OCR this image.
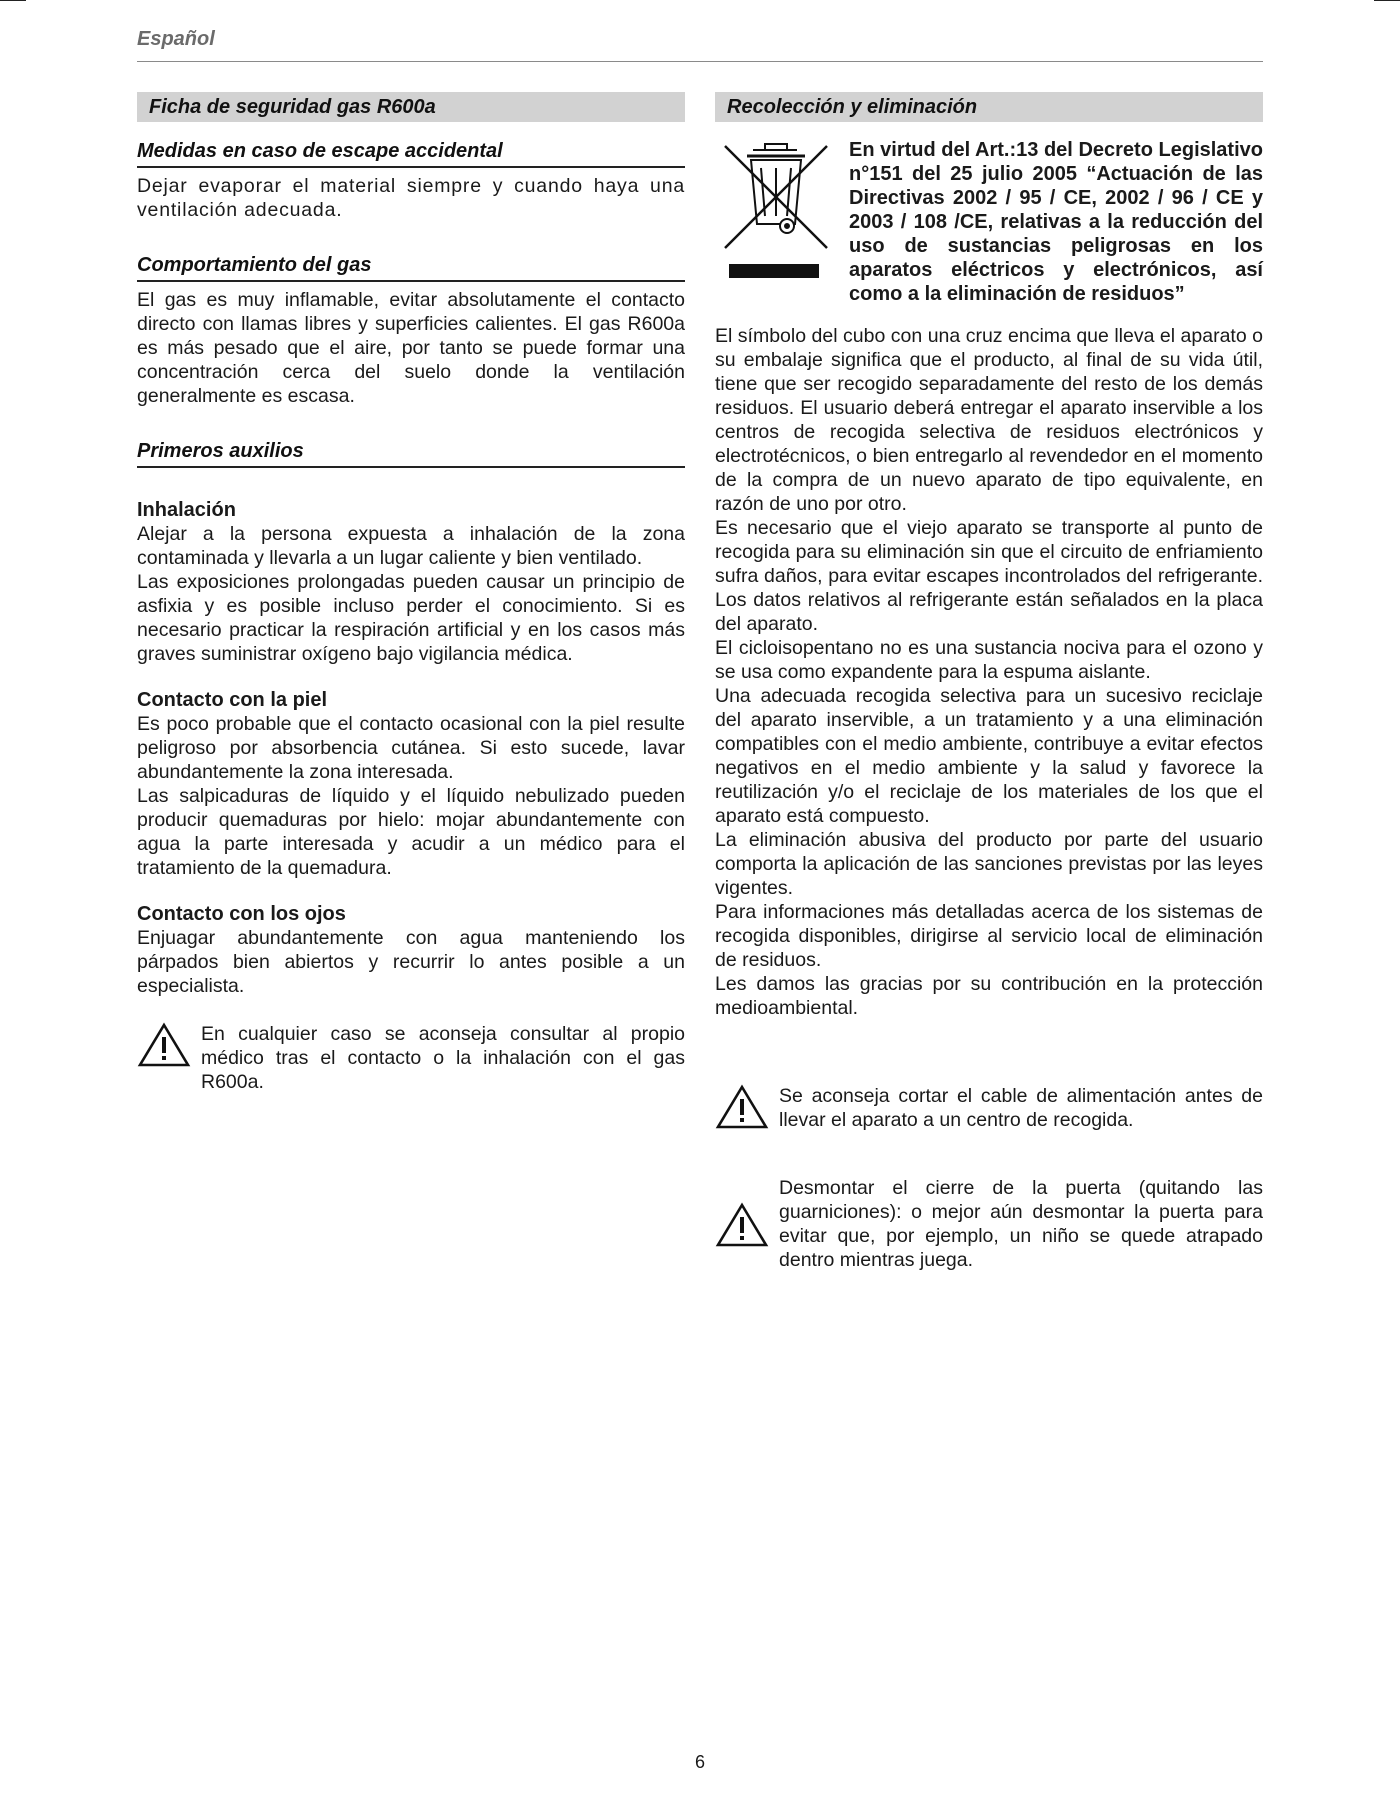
Español
Ficha de seguridad gas R600a
Medidas en caso de escape accidental

Dejar evaporar el material siempre y cuando haya una ventilación adecuada.

Comportamiento del gas

El gas es muy inflamable, evitar absolutamente el contacto directo con llamas libres y superficies calientes. El gas R600a es más pesado que el aire, por tanto se puede formar una concentración cerca del suelo donde la ventilación generalmente es escasa.

Primeros auxilios
Inhalación

Alejar a la persona expuesta a inhalación de la zona contaminada y llevarla a un lugar caliente y bien ventilado.

Las exposiciones prolongadas pueden causar un principio de asfixia y es posible incluso perder el conocimiento. Si es necesario practicar la respiración artificial y en los casos más graves suministrar oxígeno bajo vigilancia médica.

Contacto con la piel

Es poco probable que el contacto ocasional con la piel resulte peligroso por absorbencia cutánea. Si esto sucede, lavar abundantemente la zona interesada.

Las salpicaduras de líquido y el líquido nebulizado pueden producir quemaduras por hielo: mojar abundantemente con agua la parte interesada y acudir a un médico para el tratamiento de la quemadura.

Contacto con los ojos

Enjuagar abundantemente con agua manteniendo los párpados bien abiertos y recurrir lo antes posible a un especialista.

En cualquier caso se aconseja consultar al propio médico tras el contacto o la inhalación con el gas R600a.
Recolección y eliminación
En virtud del Art.:13 del Decreto Legislativo n°151 del 25 julio 2005 “Actuación de las Directivas 2002 / 95 / CE, 2002 / 96 / CE y 2003 / 108 /CE, relativas a la reducción del uso de sustancias peligrosas en los aparatos eléctricos y electrónicos, así como a la eliminación de residuos”

El símbolo del cubo con una cruz encima que lleva el aparato o su embalaje significa que el producto, al final de su vida útil, tiene que ser recogido separadamente del resto de los demás residuos. El usuario deberá entregar el aparato inservible a los centros de recogida selectiva de residuos electrónicos y electrotécnicos, o bien entregarlo al revendedor en el momento de la compra de un nuevo aparato de tipo equivalente, en razón de uno por otro.

Es necesario que el viejo aparato se transporte al punto de recogida para su eliminación sin que el circuito de enfriamiento sufra daños, para evitar escapes incontrolados del refrigerante. Los datos relativos al refrigerante están señalados en la placa del aparato.

El cicloisopentano no es una sustancia nociva para el ozono y se usa como expandente para la espuma aislante.

Una adecuada recogida selectiva para un sucesivo reciclaje del aparato inservible, a un tratamiento y a una eliminación compatibles con el medio ambiente, contribuye a evitar efectos negativos en el medio ambiente y la salud y favorece la reutilización y/o el reciclaje de los materiales de los que el aparato está compuesto.

La eliminación abusiva del producto por parte del usuario comporta la aplicación de las sanciones previstas por las leyes vigentes.

Para informaciones más detalladas acerca de los sistemas de recogida disponibles, dirigirse al servicio local de eliminación de residuos.

Les damos las gracias por su contribución en la protección medioambiental.

Se aconseja cortar el cable de alimentación antes de llevar el aparato a un centro de recogida.
Desmontar el cierre de la puerta (quitando las guarniciones): o mejor aún desmontar la puerta para evitar que, por ejemplo, un niño se quede atrapado dentro mientras juega.
6
